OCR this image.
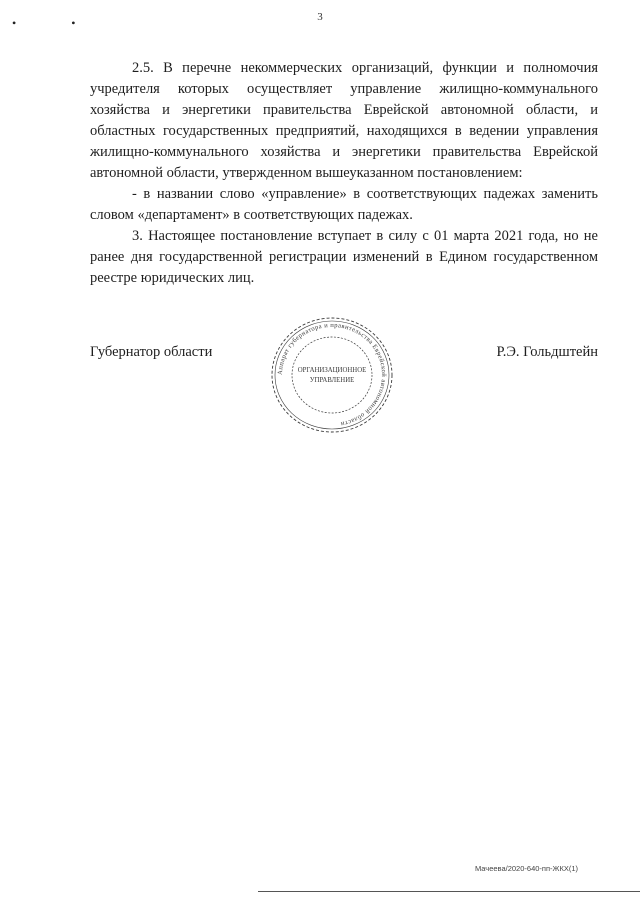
3
• •

2.5. В перечне некоммерческих организаций, функции и полномочия учредителя которых осуществляет управление жилищно-коммунального хозяйства и энергетики правительства Еврейской автономной области, и областных государственных предприятий, находящихся в ведении управления жилищно-коммунального хозяйства и энергетики правительства Еврейской автономной области, утвержденном вышеуказанном постановлением:

- в названии слово «управление» в соответствующих падежах заменить словом «департамент» в соответствующих падежах.

3. Настоящее постановление вступает в силу с 01 марта 2021 года, но не ранее дня государственной регистрации изменений в Едином государственном реестре юридических лиц.

Губернатор области	Р.Э. Гольдштейн
Аппарат губернатора и правительства Еврейской автономной области
ОРГАНИЗАЦИОННОЕ
УПРАВЛЕНИЕ
Мачеева/2020-640-пп-ЖКХ(1)
